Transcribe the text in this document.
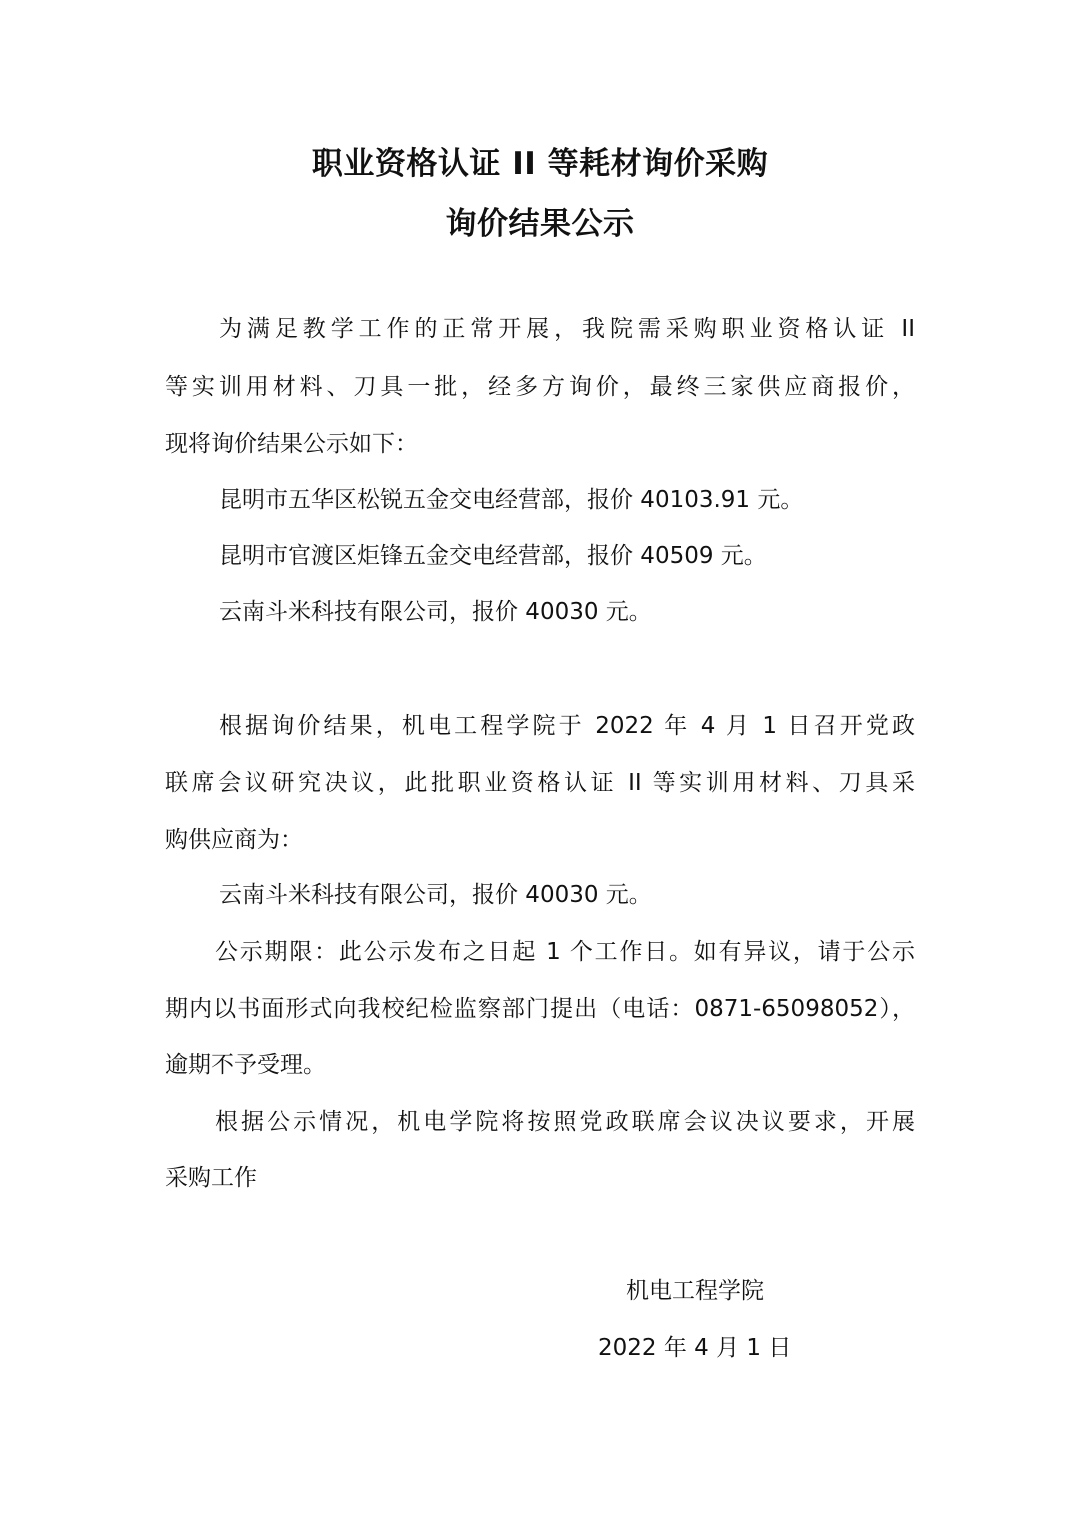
职业资格认证 II 等耗材询价采购
询价结果公示
为满足教学工作的正常开展，我院需采购职业资格认证 II
等实训用材料、刀具一批，经多方询价，最终三家供应商报价，
现将询价结果公示如下：
昆明市五华区松锐五金交电经营部，报价 40103.91 元。
昆明市官渡区炬锋五金交电经营部，报价 40509 元。
云南斗米科技有限公司，报价 40030 元。
根据询价结果，机电工程学院于 2022 年 4 月 1 日召开党政
联席会议研究决议，此批职业资格认证 II 等实训用材料、刀具采
购供应商为：
云南斗米科技有限公司，报价 40030 元。
公示期限：此公示发布之日起 1 个工作日。如有异议，请于公示
期内以书面形式向我校纪检监察部门提出（电话：0871-65098052），
逾期不予受理。
根据公示情况，机电学院将按照党政联席会议决议要求，开展
采购工作
机电工程学院
2022 年 4 月 1 日
